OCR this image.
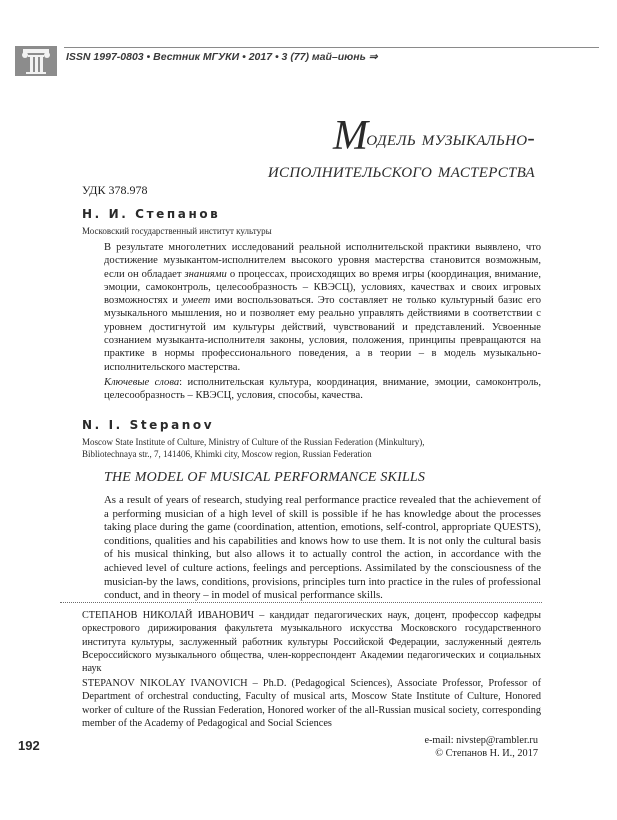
ISSN 1997-0803 • Вестник МГУКИ • 2017 • 3 (77) май–июнь ⇒
Модель музыкально-
исполнительского мастерства
УДК 378.978
Н. И. Степанов
Московский государственный институт культуры
В результате многолетних исследований реальной исполнительской практики выявлено, что достижение музыкантом-исполнителем высокого уровня мастерства становится возможным, если он обладает знаниями о процессах, происходящих во время игры (координация, внимание, эмоции, самоконтроль, целесообразность – КВЭСЦ), условиях, качествах и своих игровых возможностях и умеет ими воспользоваться. Это составляет не только культурный базис его музыкального мышления, но и позволяет ему реально управлять действиями в соответствии с уровнем достигнутой им культуры действий, чувствований и представлений. Усвоенные сознанием музыканта-исполнителя законы, условия, положения, принципы превращаются на практике в нормы профессионального поведения, а в теории – в модель музыкально-исполнительского мастерства.
Ключевые слова: исполнительская культура, координация, внимание, эмоции, самоконтроль, целесообразность – КВЭСЦ, условия, способы, качества.
N. I. Stepanov
Moscow State Institute of Culture, Ministry of Culture of the Russian Federation (Minkulturу),
Bibliotechnaya str., 7, 141406, Khimki city, Moscow region, Russian Federation
THE MODEL OF MUSICAL PERFORMANCE SKILLS
As a result of years of research, studying real performance practice revealed that the achievement of a performing musician of a high level of skill is possible if he has knowledge about the processes taking place during the game (coordination, attention, emotions, self-control, appropriate QUESTS), conditions, qualities and his capabilities and knows how to use them. It is not only the cultural basis of his musical thinking, but also allows it to actually control the action, in accordance with the achieved level of culture actions, feelings and perceptions. Assimilated by the consciousness of the musician-by the laws, conditions, provisions, principles turn into practice in the rules of professional conduct, and in theory – in model of musical performance skills.
СТЕПАНОВ НИКОЛАЙ ИВАНОВИЧ – кандидат педагогических наук, доцент, профессор кафедры оркестрового дирижирования факультета музыкального искусства Московского государственного института культуры, заслуженный работник культуры Российской Федерации, заслуженный деятель Всероссийского музыкального общества, член-корреспондент Академии педагогических и социальных наук
STEPANOV NIKOLAY IVANOVICH – Ph.D. (Pedagogical Sciences), Associate Professor, Professor of Department of orchestral conducting, Faculty of musical arts, Moscow State Institute of Culture, Honored worker of culture of the Russian Federation, Honored worker of the all-Russian musical society, corresponding member of the Academy of Pedagogical and Social Sciences
192	e-mail: nivstep@rambler.ru
© Степанов Н. И., 2017
